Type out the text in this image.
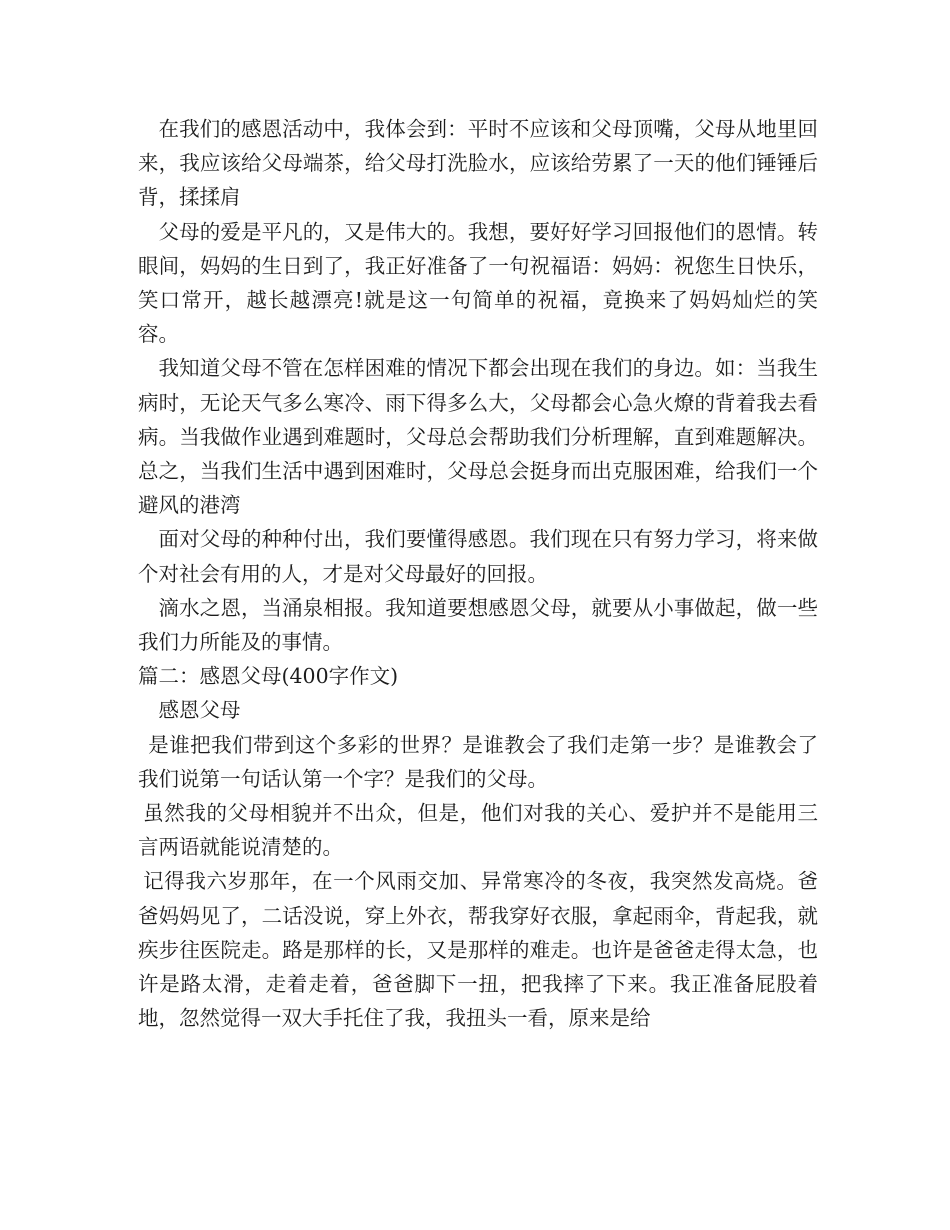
在我们的感恩活动中，我体会到：平时不应该和父母顶嘴，父母从地里回来，我应该给父母端茶，给父母打洗脸水，应该给劳累了一天的他们锤锤后背，揉揉肩

父母的爱是平凡的，又是伟大的。我想，要好好学习回报他们的恩情。转眼间，妈妈的生日到了，我正好准备了一句祝福语：妈妈：祝您生日快乐，笑口常开，越长越漂亮!就是这一句简单的祝福，竟换来了妈妈灿烂的笑容。

我知道父母不管在怎样困难的情况下都会出现在我们的身边。如：当我生病时，无论天气多么寒冷、雨下得多么大，父母都会心急火燎的背着我去看病。当我做作业遇到难题时，父母总会帮助我们分析理解，直到难题解决。总之，当我们生活中遇到困难时，父母总会挺身而出克服困难，给我们一个避风的港湾

面对父母的种种付出，我们要懂得感恩。我们现在只有努力学习，将来做个对社会有用的人，才是对父母最好的回报。

滴水之恩，当涌泉相报。我知道要想感恩父母，就要从小事做起，做一些我们力所能及的事情。

篇二：感恩父母(400字作文)

感恩父母

是谁把我们带到这个多彩的世界？是谁教会了我们走第一步？是谁教会了我们说第一句话认第一个字？是我们的父母。

虽然我的父母相貌并不出众，但是，他们对我的关心、爱护并不是能用三言两语就能说清楚的。

记得我六岁那年，在一个风雨交加、异常寒冷的冬夜，我突然发高烧。爸爸妈妈见了，二话没说，穿上外衣，帮我穿好衣服，拿起雨伞，背起我，就疾步往医院走。路是那样的长，又是那样的难走。也许是爸爸走得太急，也许是路太滑，走着走着，爸爸脚下一扭，把我摔了下来。我正准备屁股着地，忽然觉得一双大手托住了我，我扭头一看，原来是给
